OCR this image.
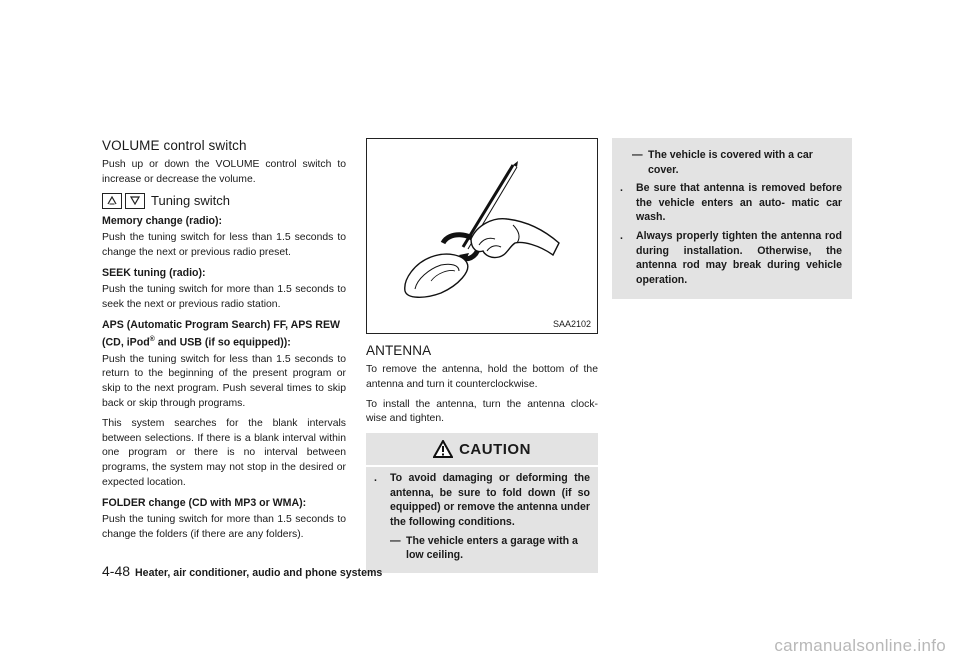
VOLUME control switch

Push up or down the VOLUME control switch to increase or decrease the volume.

Tuning switch
Memory change (radio):

Push the tuning switch for less than 1.5 seconds to change the next or previous radio preset.

SEEK tuning (radio):

Push the tuning switch for more than 1.5 seconds to seek the next or previous radio station.

APS (Automatic Program Search) FF, APS REW (CD, iPod® and USB (if so equipped)):

Push the tuning switch for less than 1.5 seconds to return to the beginning of the present program or skip to the next program. Push several times to skip back or skip through programs.

This system searches for the blank intervals between selections. If there is a blank interval within one program or there is no interval between programs, the system may not stop in the desired or expected location.

FOLDER change (CD with MP3 or WMA):

Push the tuning switch for more than 1.5 seconds to change the folders (if there are any folders).

SAA2102
ANTENNA

To remove the antenna, hold the bottom of the antenna and turn it counterclockwise.

To install the antenna, turn the antenna clock- wise and tighten.

CAUTION
.	To avoid damaging or deforming the antenna, be sure to fold down (if so equipped) or remove the antenna under the following conditions.
— The vehicle enters a garage with a low ceiling.
— The vehicle is covered with a car cover.
.	Be sure that antenna is removed before the vehicle enters an auto- matic car wash.
.	Always properly tighten the antenna rod during installation. Otherwise, the antenna rod may break during vehicle operation.
4-48 Heater, air conditioner, audio and phone systems
carmanualsonline.info
